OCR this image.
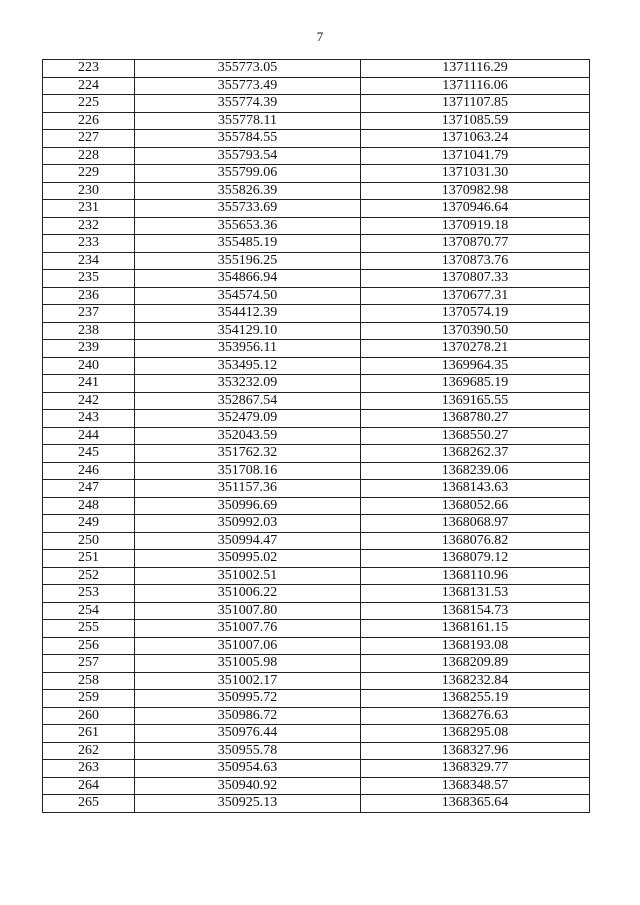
7
223	355773.05	1371116.29
224	355773.49	1371116.06
225	355774.39	1371107.85
226	355778.11	1371085.59
227	355784.55	1371063.24
228	355793.54	1371041.79
229	355799.06	1371031.30
230	355826.39	1370982.98
231	355733.69	1370946.64
232	355653.36	1370919.18
233	355485.19	1370870.77
234	355196.25	1370873.76
235	354866.94	1370807.33
236	354574.50	1370677.31
237	354412.39	1370574.19
238	354129.10	1370390.50
239	353956.11	1370278.21
240	353495.12	1369964.35
241	353232.09	1369685.19
242	352867.54	1369165.55
243	352479.09	1368780.27
244	352043.59	1368550.27
245	351762.32	1368262.37
246	351708.16	1368239.06
247	351157.36	1368143.63
248	350996.69	1368052.66
249	350992.03	1368068.97
250	350994.47	1368076.82
251	350995.02	1368079.12
252	351002.51	1368110.96
253	351006.22	1368131.53
254	351007.80	1368154.73
255	351007.76	1368161.15
256	351007.06	1368193.08
257	351005.98	1368209.89
258	351002.17	1368232.84
259	350995.72	1368255.19
260	350986.72	1368276.63
261	350976.44	1368295.08
262	350955.78	1368327.96
263	350954.63	1368329.77
264	350940.92	1368348.57
265	350925.13	1368365.64
